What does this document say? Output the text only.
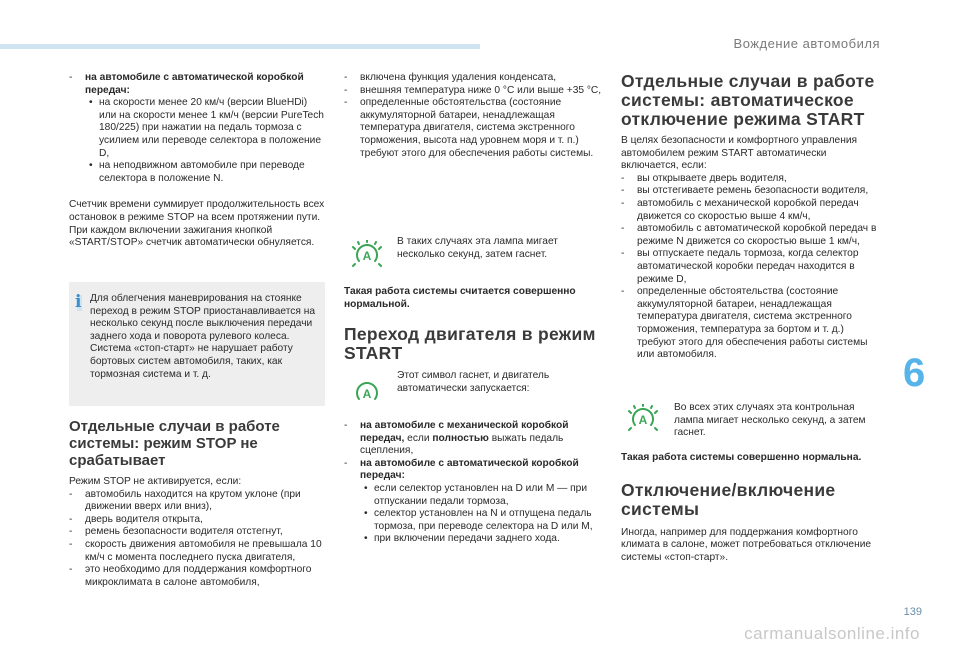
Вождение автомобиля
- на автомобиле с автоматической коробкой передач:
• на скорости менее 20 км/ч (версии BlueHDi) или на скорости менее 1 км/ч (версии PureTech 180/225) при нажатии на педаль тормоза с усилием или переводе селектора в положение D,
• на неподвижном автомобиле при переводе селектора в положение N.

Счетчик времени суммирует продолжительность всех остановок в режиме STOP на всем протяжении пути. При каждом включении зажигания кнопкой «START/STOP» счетчик автоматически обнуляется.

i Для облегчения маневрирования на стоянке переход в режим STOP приостанавливается на несколько секунд после выключения передачи заднего хода и поворота рулевого колеса. Система «стоп-старт» не нарушает работу бортовых систем автомобиля, таких, как тормозная система и т. д.
Отдельные случаи в работе системы: режим STOP не срабатывает

Режим STOP не активируется, если:

- автомобиль находится на крутом уклоне (при движении вверх или вниз),
- дверь водителя открыта,
- ремень безопасности водителя отстегнут,
- скорость движения автомобиля не превышала 10 км/ч с момента последнего пуска двигателя,
- это необходимо для поддержания комфортного микроклимата в салоне автомобиля,
- включена функция удаления конденсата,
- внешняя температура ниже 0 °C или выше +35 °C,
- определенные обстоятельства (состояние аккумуляторной батареи, ненадлежащая температура двигателя, система экстренного торможения, высота над уровнем моря и т. п.) требуют этого для обеспечения работы системы.
A
В таких случаях эта лампа мигает несколько секунд, затем гаснет.

Такая работа системы считается совершенно нормальной.

Переход двигателя в режим START
A
Этот символ гаснет, и двигатель автоматически запускается:
- на автомобиле с механической коробкой передач, если полностью выжать педаль сцепления,
- на автомобиле с автоматической коробкой передач:
• если селектор установлен на D или M — при отпускании педали тормоза,
• селектор установлен на N и отпущена педаль тормоза, при переводе селектора на D или M,
• при включении передачи заднего хода.
Отдельные случаи в работе системы: автоматическое отключение режима START

В целях безопасности и комфортного управления автомобилем режим START автоматически включается, если:

- вы открываете дверь водителя,
- вы отстегиваете ремень безопасности водителя,
- автомобиль с механической коробкой передач движется со скоростью выше 4 км/ч,
- автомобиль с автоматической коробкой передач в режиме N движется со скоростью выше 1 км/ч,
- вы отпускаете педаль тормоза, когда селектор автоматической коробки передач находится в режиме D,
- определенные обстоятельства (состояние аккумуляторной батареи, ненадлежащая температура двигателя, система экстренного торможения, температура за бортом и т. д.) требуют этого для обеспечения работы системы или автомобиля.
A
Во всех этих случаях эта контрольная лампа мигает несколько секунд, а затем гаснет.

Такая работа системы совершенно нормальна.

Отключение/включение системы

Иногда, например для поддержания комфортного климата в салоне, может потребоваться отключение системы «стоп-старт».

6
139
carmanualsonline.info
